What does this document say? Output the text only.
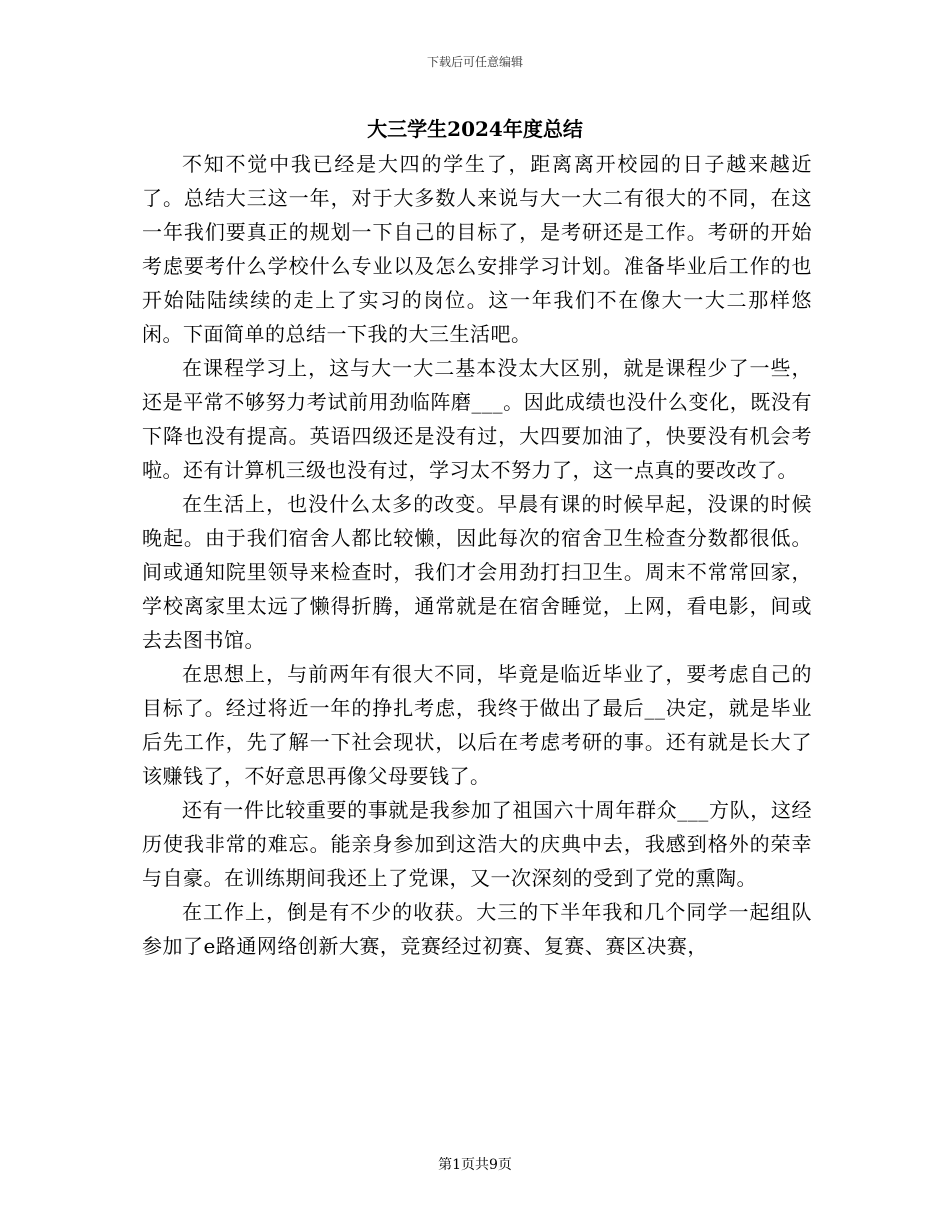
下载后可任意编辑
大三学生2024年度总结

不知不觉中我已经是大四的学生了，距离离开校园的日子越来越近了。总结大三这一年，对于大多数人来说与大一大二有很大的不同，在这一年我们要真正的规划一下自己的目标了，是考研还是工作。考研的开始考虑要考什么学校什么专业以及怎么安排学习计划。准备毕业后工作的也开始陆陆续续的走上了实习的岗位。这一年我们不在像大一大二那样悠闲。下面简单的总结一下我的大三生活吧。

在课程学习上，这与大一大二基本没太大区别，就是课程少了一些，还是平常不够努力考试前用劲临阵磨___。因此成绩也没什么变化，既没有下降也没有提高。英语四级还是没有过，大四要加油了，快要没有机会考啦。还有计算机三级也没有过，学习太不努力了，这一点真的要改改了。

在生活上，也没什么太多的改变。早晨有课的时候早起，没课的时候晚起。由于我们宿舍人都比较懒，因此每次的宿舍卫生检查分数都很低。间或通知院里领导来检查时，我们才会用劲打扫卫生。周末不常常回家，学校离家里太远了懒得折腾，通常就是在宿舍睡觉，上网，看电影，间或去去图书馆。

在思想上，与前两年有很大不同，毕竟是临近毕业了，要考虑自己的目标了。经过将近一年的挣扎考虑，我终于做出了最后__决定，就是毕业后先工作，先了解一下社会现状，以后在考虑考研的事。还有就是长大了该赚钱了，不好意思再像父母要钱了。

还有一件比较重要的事就是我参加了祖国六十周年群众___方队，这经历使我非常的难忘。能亲身参加到这浩大的庆典中去，我感到格外的荣幸与自豪。在训练期间我还上了党课，又一次深刻的受到了党的熏陶。

在工作上，倒是有不少的收获。大三的下半年我和几个同学一起组队参加了e路通网络创新大赛，竞赛经过初赛、复赛、赛区决赛，

第1页共9页
